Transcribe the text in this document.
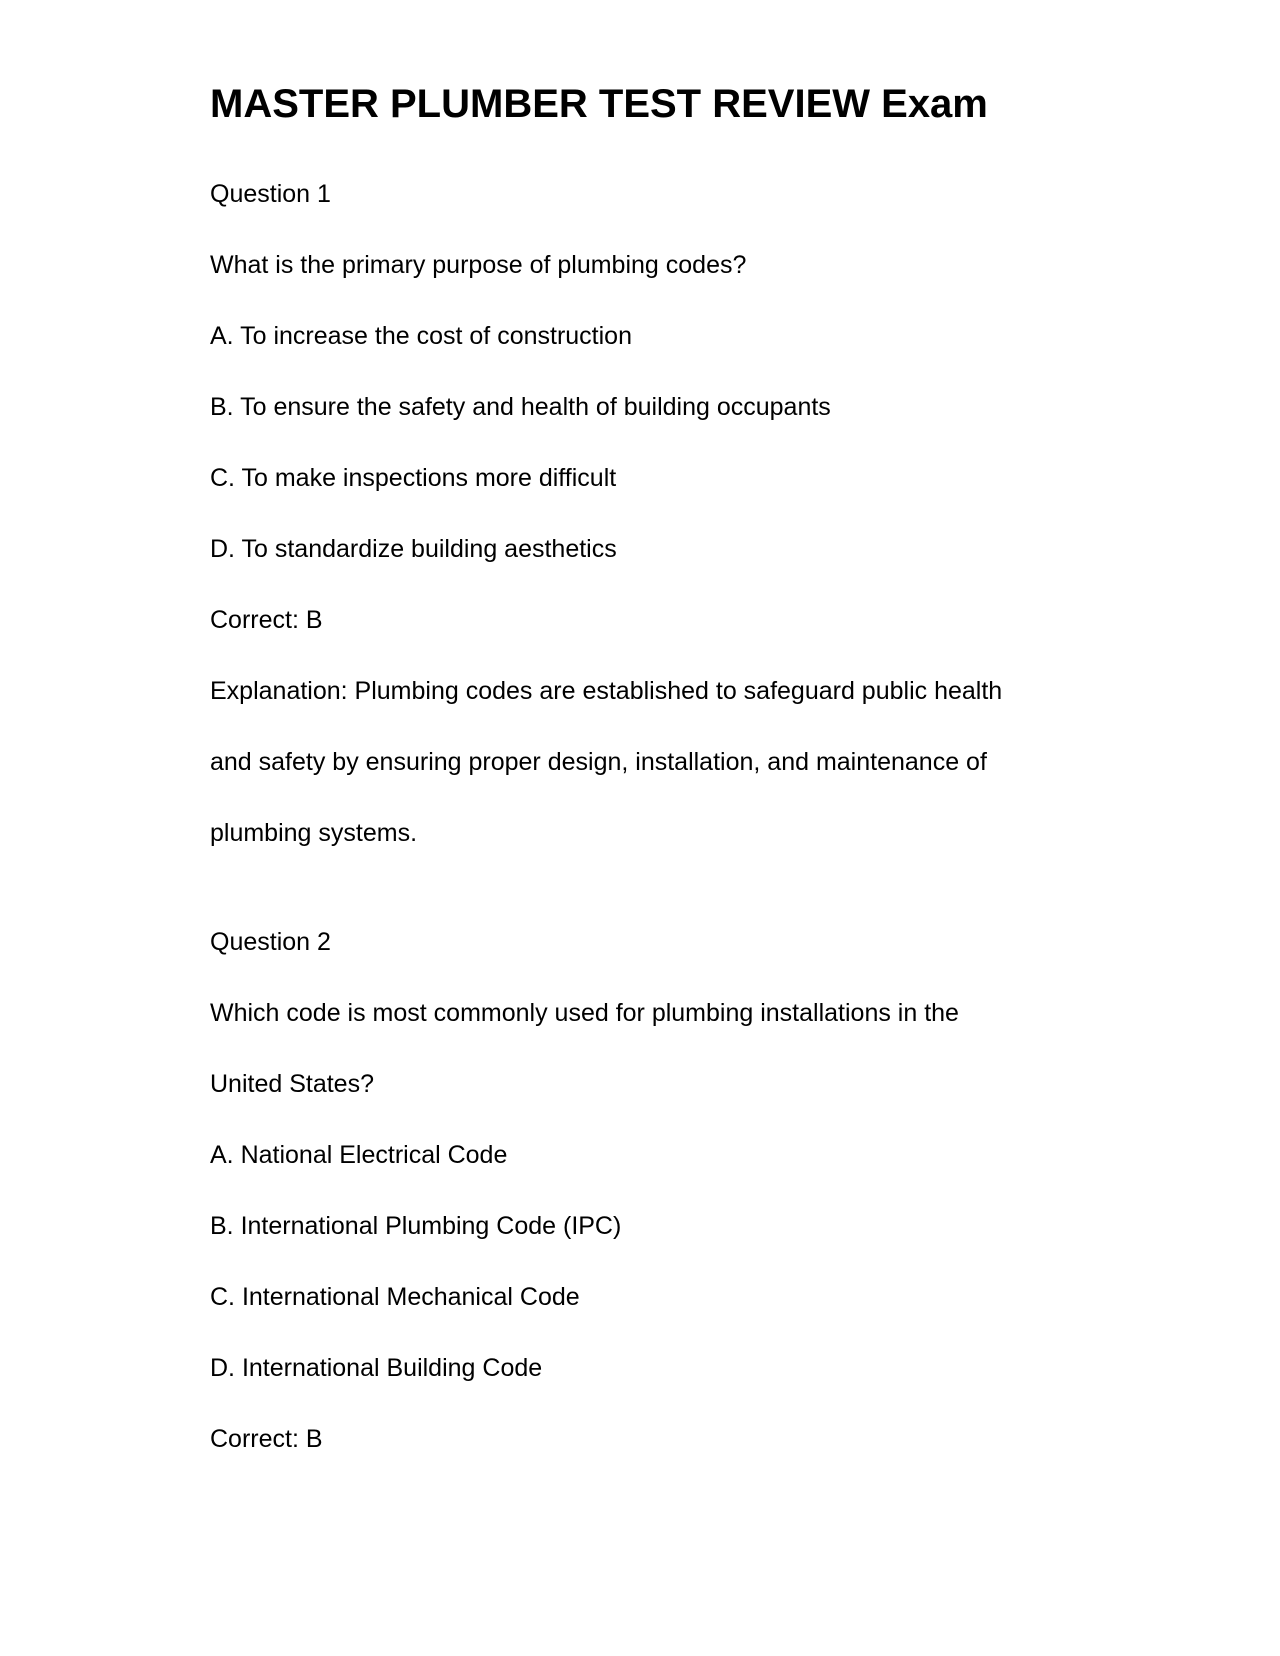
MASTER PLUMBER TEST REVIEW Exam

Question 1

What is the primary purpose of plumbing codes?

A. To increase the cost of construction

B. To ensure the safety and health of building occupants

C. To make inspections more difficult

D. To standardize building aesthetics

Correct: B

Explanation: Plumbing codes are established to safeguard public health

and safety by ensuring proper design, installation, and maintenance of

plumbing systems.

Question 2

Which code is most commonly used for plumbing installations in the

United States?

A. National Electrical Code

B. International Plumbing Code (IPC)

C. International Mechanical Code

D. International Building Code

Correct: B
